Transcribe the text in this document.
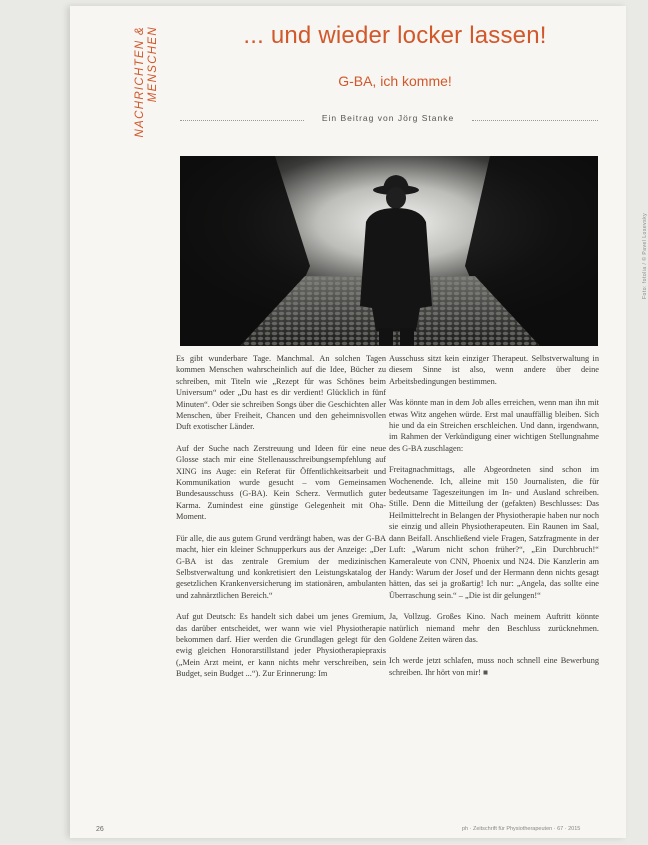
NACHRICHTEN & MENSCHEN	... und wieder locker lassen!
G-BA, ich komme!
Ein Beitrag von Jörg Stanke
Foto: fotolia / © Pavel Losevsky

Es gibt wunderbare Tage. Manchmal. An solchen Tagen kommen Menschen wahrscheinlich auf die Idee, Bücher zu schreiben, mit Titeln wie „Rezept für was Schönes beim Universum“ oder „Du hast es dir verdient! Glücklich in fünf Minuten“. Oder sie schreiben Songs über die Geschichten aller Menschen, über Freiheit, Chancen und den geheimnisvollen Duft exotischer Länder.

Auf der Suche nach Zerstreuung und Ideen für eine neue Glosse stach mir eine Stellenausschreibungsempfehlung auf XING ins Auge: ein Referat für Öffentlichkeitsarbeit und Kommunikation wurde gesucht – vom Gemeinsamen Bundesausschuss (G-BA). Kein Scherz. Vermutlich guter Karma. Zumindest eine günstige Gelegenheit mit Oha-Moment.

Für alle, die aus gutem Grund verdrängt haben, was der G-BA macht, hier ein kleiner Schnupperkurs aus der Anzeige: „Der G-BA ist das zentrale Gremium der medizinischen Selbstverwaltung und konkretisiert den Leistungskatalog der gesetzlichen Krankenversicherung im stationären, ambulanten und zahnärztlichen Bereich.“

Auf gut Deutsch: Es handelt sich dabei um jenes Gremium, das darüber entscheidet, wer wann wie viel Physiotherapie bekommen darf. Hier werden die Grundlagen gelegt für den ewig gleichen Honorarstillstand jeder Physiotherapiepraxis („Mein Arzt meint, er kann nichts mehr verschreiben, sein Budget, sein Budget ...“). Zur Erinnerung: Im

Ausschuss sitzt kein einziger Therapeut. Selbstverwaltung in diesem Sinne ist also, wenn andere über deine Arbeitsbedingungen bestimmen.

Was könnte man in dem Job alles erreichen, wenn man ihn mit etwas Witz angehen würde. Erst mal unauffällig bleiben. Sich hie und da ein Streichen erschleichen. Und dann, irgendwann, im Rahmen der Verkündigung einer wichtigen Stellungnahme des G-BA zuschlagen:

Freitagnachmittags, alle Abgeordneten sind schon im Wochenende. Ich, alleine mit 150 Journalisten, die für bedeutsame Tageszeitungen im In- und Ausland schreiben. Stille. Denn die Mitteilung der (gefakten) Beschlusses: Das Heilmittelrecht in Belangen der Physiotherapie haben nur noch sie einzig und allein Physiotherapeuten. Ein Raunen im Saal, dann Beifall. Anschließend viele Fragen, Satzfragmente in der Luft: „Warum nicht schon früher?“, „Ein Durchbruch!“ Kameraleute von CNN, Phoenix und N24. Die Kanzlerin am Handy: Warum der Josef und der Hermann denn nichts gesagt hätten, das sei ja großartig! Ich nur: „Angela, das sollte eine Überraschung sein.“ – „Die ist dir gelungen!“

Ja, Vollzug. Großes Kino. Nach meinem Auftritt könnte natürlich niemand mehr den Beschluss zurücknehmen. Goldene Zeiten wären das.

Ich werde jetzt schlafen, muss noch schnell eine Bewerbung schreiben. Ihr hört von mir! ■

26	ph · Zeitschrift für Physiotherapeuten · 67 · 2015
